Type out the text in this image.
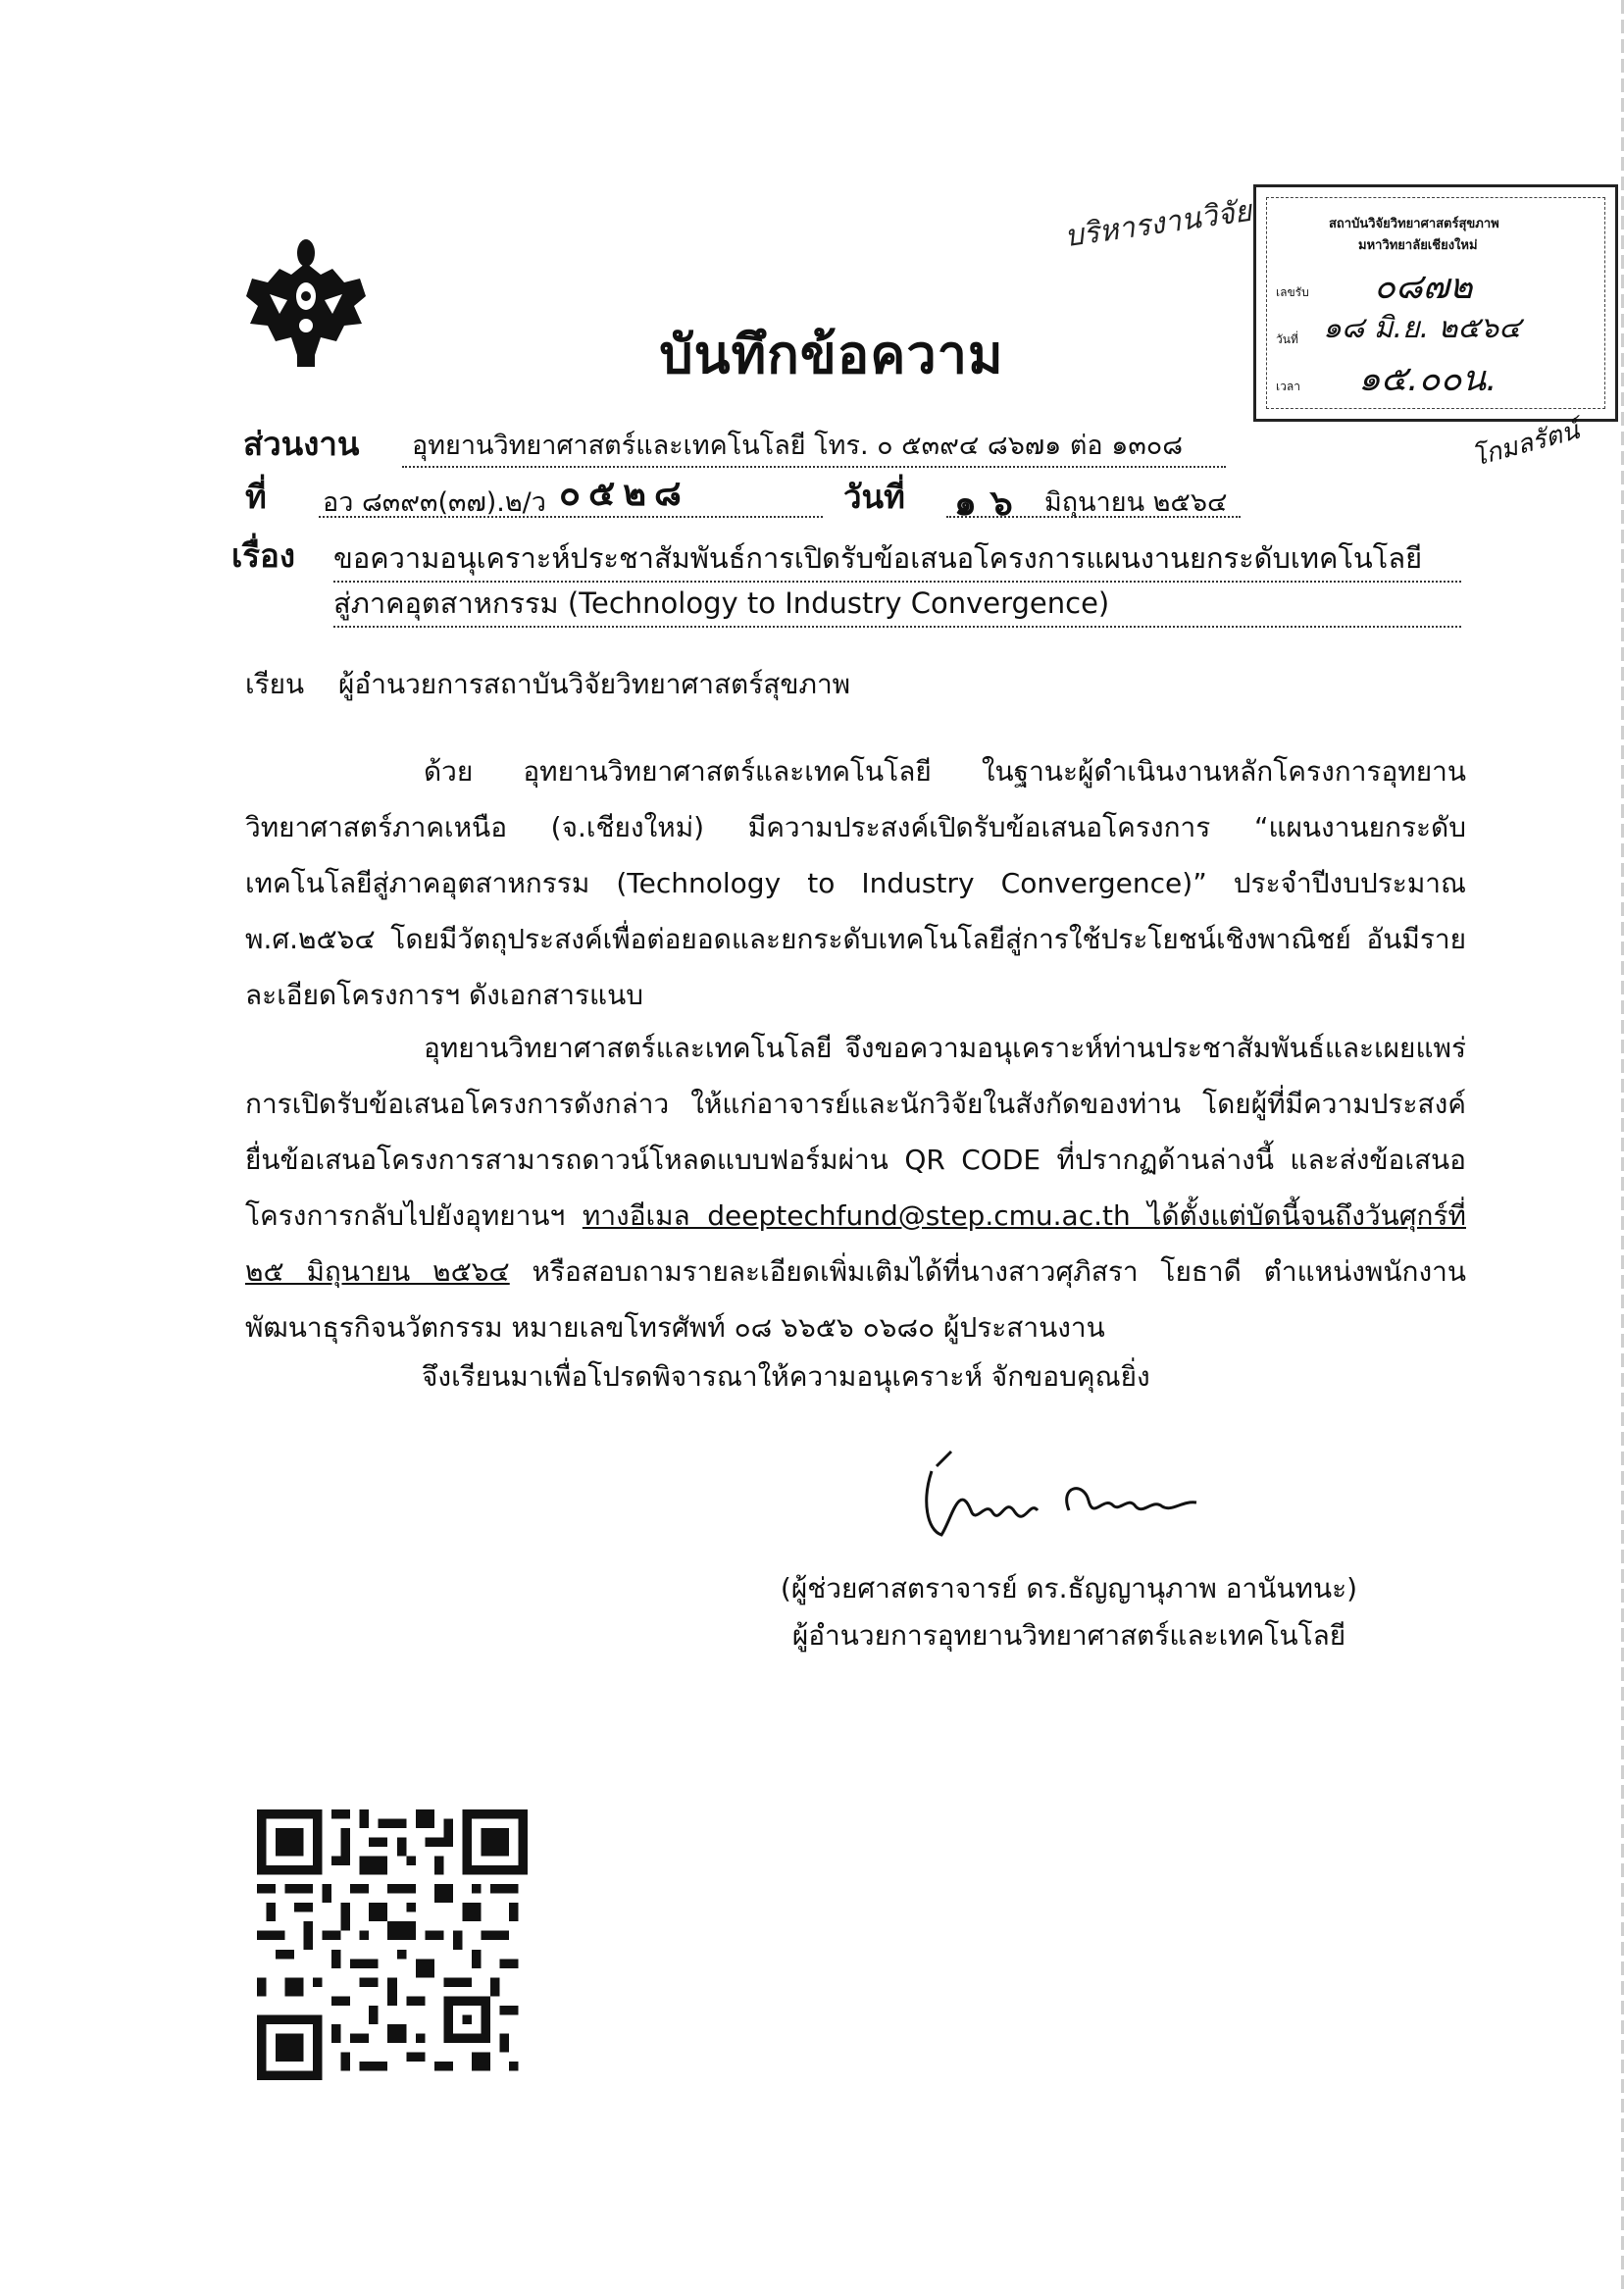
บันทึกข้อความ
บริหารงานวิจัย	สถาบันวิจัยวิทยาศาสตร์สุขภาพ
มหาวิทยาลัยเชียงใหม่
เลขรับ ๐๘๗๒
วันที่ ๑๘ มิ.ย. ๒๕๖๔
เวลา ๑๕.๐๐น.
โกมลรัตน์
ส่วนงาน	อุทยานวิทยาศาสตร์และเทคโนโลยี โทร. ๐ ๕๓๙๔ ๘๖๗๑ ต่อ ๑๓๐๘
ที่ อว ๘๓๙๓(๓๗).๒/ว ๐๕๒๘	วันที่ ๑๖ มิถุนายน ๒๕๖๔
เรื่อง ขอความอนุเคราะห์ประชาสัมพันธ์การเปิดรับข้อเสนอโครงการแผนงานยกระดับเทคโนโลยี
สู่ภาคอุตสาหกรรม (Technology to Industry Convergence)
เรียน ผู้อำนวยการสถาบันวิจัยวิทยาศาสตร์สุขภาพ
ด้วย อุทยานวิทยาศาสตร์และเทคโนโลยี ในฐานะผู้ดำเนินงานหลักโครงการอุทยานวิทยาศาสตร์ภาคเหนือ (จ.เชียงใหม่) มีความประสงค์เปิดรับข้อเสนอโครงการ “แผนงานยกระดับเทคโนโลยีสู่ภาคอุตสาหกรรม (Technology to Industry Convergence)” ประจำปีงบประมาณ พ.ศ.๒๕๖๔ โดยมีวัตถุประสงค์เพื่อต่อยอดและยกระดับเทคโนโลยีสู่การใช้ประโยชน์เชิงพาณิชย์ อันมีรายละเอียดโครงการฯ ดังเอกสารแนบ
อุทยานวิทยาศาสตร์และเทคโนโลยี จึงขอความอนุเคราะห์ท่านประชาสัมพันธ์และเผยแพร่การเปิดรับข้อเสนอโครงการดังกล่าว ให้แก่อาจารย์และนักวิจัยในสังกัดของท่าน โดยผู้ที่มีความประสงค์ยื่นข้อเสนอโครงการสามารถดาวน์โหลดแบบฟอร์มผ่าน QR CODE ที่ปรากฏด้านล่างนี้ และส่งข้อเสนอโครงการกลับไปยังอุทยานฯ ทางอีเมล deeptechfund@step.cmu.ac.th ได้ตั้งแต่บัดนี้จนถึงวันศุกร์ที่ ๒๕ มิถุนายน ๒๕๖๔ หรือสอบถามรายละเอียดเพิ่มเติมได้ที่นางสาวศุภิสรา โยธาดี ตำแหน่งพนักงานพัฒนาธุรกิจนวัตกรรม หมายเลขโทรศัพท์ ๐๘ ๖๖๕๖ ๐๖๘๐ ผู้ประสานงาน
จึงเรียนมาเพื่อโปรดพิจารณาให้ความอนุเคราะห์ จักขอบคุณยิ่ง
(ผู้ช่วยศาสตราจารย์ ดร.ธัญญานุภาพ อานันทนะ)
ผู้อำนวยการอุทยานวิทยาศาสตร์และเทคโนโลยี
